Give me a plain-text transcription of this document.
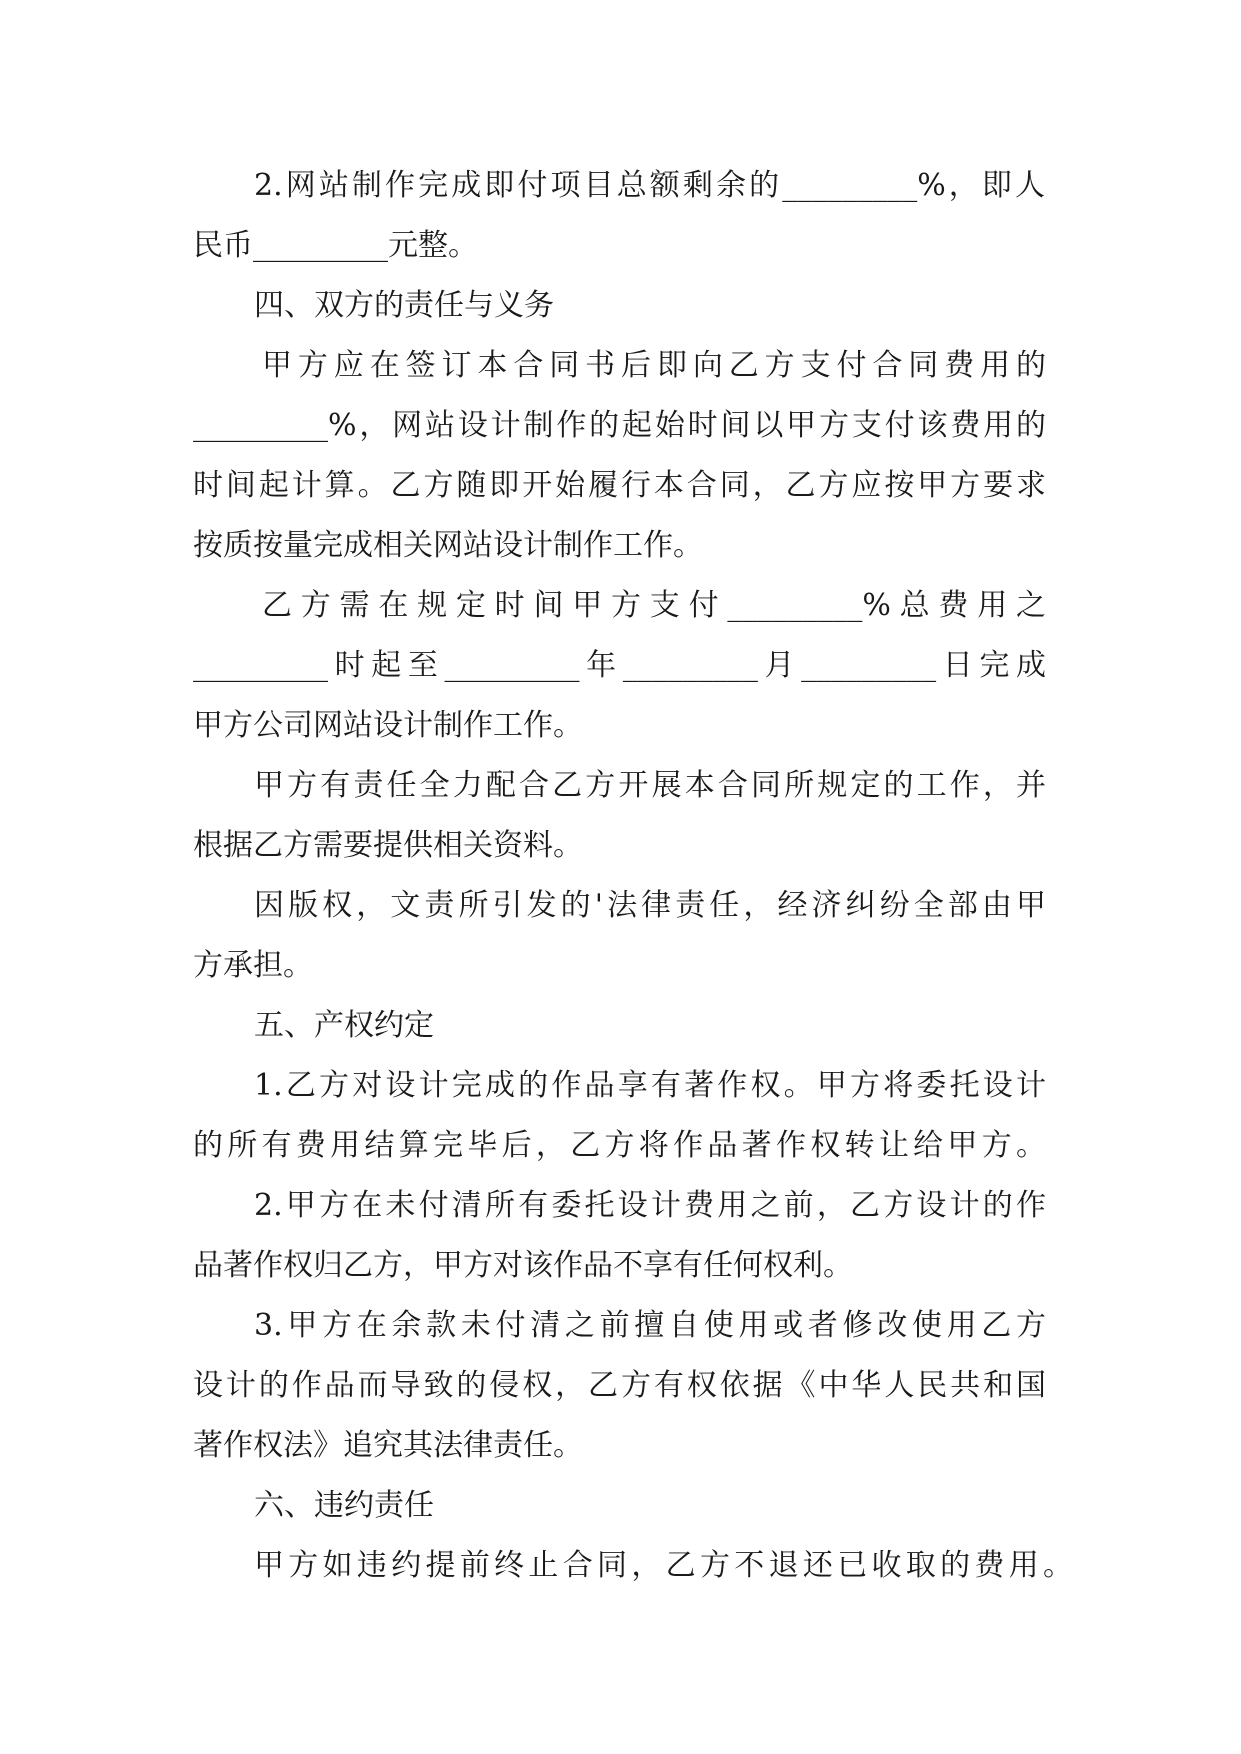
2.网站制作完成即付项目总额剩余的_________%，即人
民币_________元整。
四、双方的责任与义务
甲方应在签订本合同书后即向乙方支付合同费用的
_________%，网站设计制作的起始时间以甲方支付该费用的
时间起计算。乙方随即开始履行本合同，乙方应按甲方要求
按质按量完成相关网站设计制作工作。
乙方需在规定时间甲方支付_________%总费用之
_________时起至_________年_________月_________日完成
甲方公司网站设计制作工作。
甲方有责任全力配合乙方开展本合同所规定的工作，并
根据乙方需要提供相关资料。
因版权，文责所引发的'法律责任，经济纠纷全部由甲
方承担。
五、产权约定
1.乙方对设计完成的作品享有著作权。甲方将委托设计
的所有费用结算完毕后，乙方将作品著作权转让给甲方。
2.甲方在未付清所有委托设计费用之前，乙方设计的作
品著作权归乙方，甲方对该作品不享有任何权利。
3.甲方在余款未付清之前擅自使用或者修改使用乙方
设计的作品而导致的侵权，乙方有权依据《中华人民共和国
著作权法》追究其法律责任。
六、违约责任
甲方如违约提前终止合同，乙方不退还已收取的费用。
